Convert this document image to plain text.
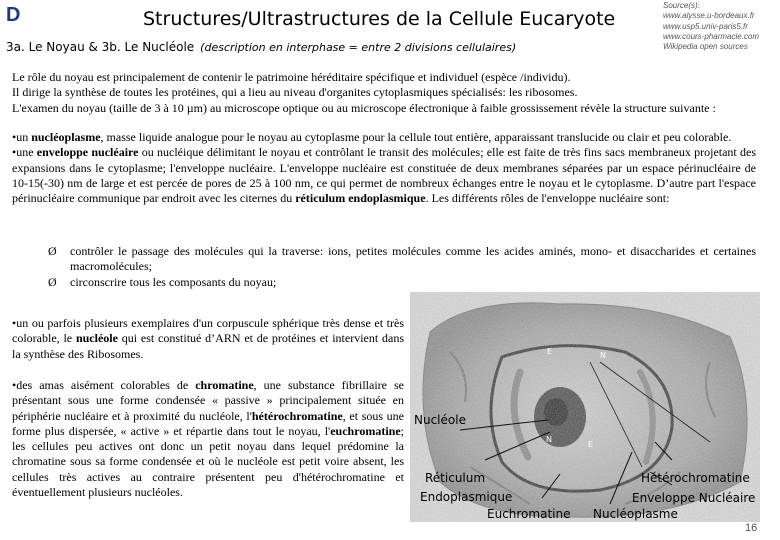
D	Structures/Ultrastructures de la Cellule Eucaryote
3a. Le Noyau & 3b. Le Nucléole (description en interphase = entre 2 divisions cellulaires)
Source(s):
www.alysse.u-bordeaux.fr
www.usp5.univ-paris5.fr
www.cours-pharmacie.com
Wikipedia open sources
Le rôle du noyau est principalement de contenir le patrimoine héréditaire spécifique et individuel (espèce /individu).
Il dirige la synthèse de toutes les protéines, qui a lieu au niveau d'organites cytoplasmiques spécialisés: les ribosomes.
L'examen du noyau (taille de 3 à 10 µm) au microscope optique ou au microscope électronique à faible grossissement révèle la structure suivante :
•un nucléoplasme, masse liquide analogue pour le noyau au cytoplasme pour la cellule tout entière, apparaissant translucide ou clair et peu colorable.
•une enveloppe nucléaire ou nucléique délimitant le noyau et contrôlant le transit des molécules; elle est faite de très fins sacs membraneux projetant des expansions dans le cytoplasme; l'enveloppe nucléaire. L'enveloppe nucléaire est constituée de deux membranes séparées par un espace périnucléaire de 10-15(-30) nm de large et est percée de pores de 25 à 100 nm, ce qui permet de nombreux échanges entre le noyau et le cytoplasme. D’autre part l'espace périnucléaire communique par endroit avec les citernes du réticulum endoplasmique. Les différents rôles de l'enveloppe nucléaire sont:
Ø contrôler le passage des molécules qui la traverse: ions, petites molécules comme les acides aminés, mono- et disaccharides et certaines macromolécules;
Ø circonscrire tous les composants du noyau;
•un ou parfois plusieurs exemplaires d'un corpuscule sphérique très dense et très colorable, le nucléole qui est constitué d’ARN et de protéines et intervient dans la synthèse des Ribosomes.
•des amas aisément colorables de chromatine, une substance fibrillaire se présentant sous une forme condensée « passive » principalement située en périphérie nucléaire et à proximité du nucléole, l'hétérochromatine, et sous une forme plus dispersée, « active » et répartie dans tout le noyau, l'euchromatine; les cellules peu actives ont donc un petit noyau dans lequel prédomine la chromatine sous sa forme condensée et où le nucléole est petit voire absent, les cellules très actives au contraire présentent peu d'hétérochromatine et éventuellement plusieurs nucléoles.
E	N
E
N
Nucléole
Réticulum
Endoplasmique
Euchromatine Nucléoplasme
Hétérochromatine
Enveloppe Nucléaire
16
